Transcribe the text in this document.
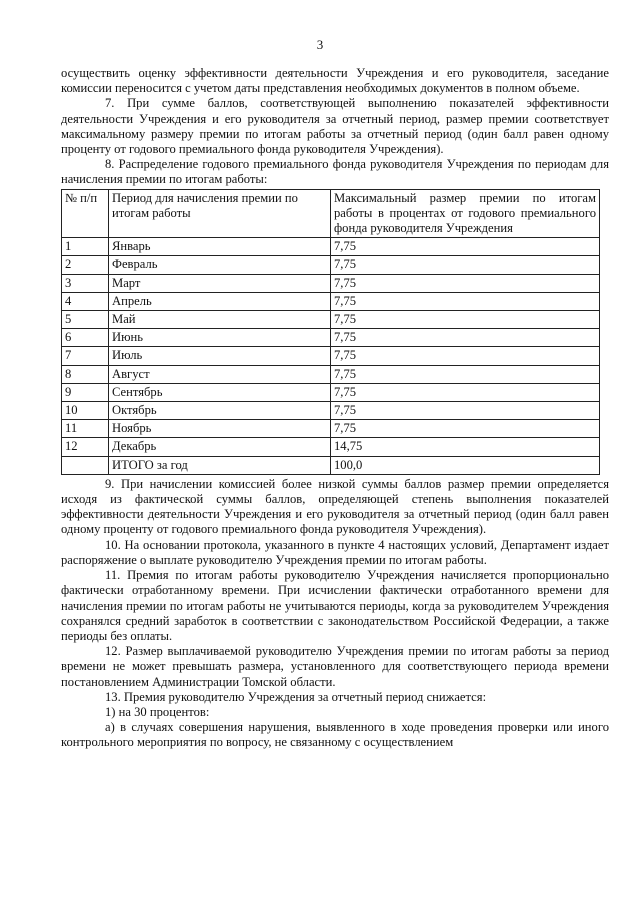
3

осуществить оценку эффективности деятельности Учреждения и его руководителя, заседание комиссии переносится с учетом даты представления необходимых документов в полном объеме.

7. При сумме баллов, соответствующей выполнению показателей эффективности деятельности Учреждения и его руководителя за отчетный период, размер премии соответствует максимальному размеру премии по итогам работы за отчетный период (один балл равен одному проценту от годового премиального фонда руководителя Учреждения).

8. Распределение годового премиального фонда руководителя Учреждения по периодам для начисления премии по итогам работы:

№ п/п	Период для начисления премии по итогам работы	Максимальный размер премии по итогам работы в процентах от годового премиального фонда руководителя Учреждения
1	Январь	7,75
2	Февраль	7,75
3	Март	7,75
4	Апрель	7,75
5	Май	7,75
6	Июнь	7,75
7	Июль	7,75
8	Август	7,75
9	Сентябрь	7,75
10	Октябрь	7,75
11	Ноябрь	7,75
12	Декабрь	14,75
	ИТОГО за год	100,0

9. При начислении комиссией более низкой суммы баллов размер премии определяется исходя из фактической суммы баллов, определяющей степень выполнения показателей эффективности деятельности Учреждения и его руководителя за отчетный период (один балл равен одному проценту от годового премиального фонда руководителя Учреждения).

10. На основании протокола, указанного в пункте 4 настоящих условий, Департамент издает распоряжение о выплате руководителю Учреждения премии по итогам работы.

11. Премия по итогам работы руководителю Учреждения начисляется пропорционально фактически отработанному времени. При исчислении фактически отработанного времени для начисления премии по итогам работы не учитываются периоды, когда за руководителем Учреждения сохранялся средний заработок в соответствии с законодательством Российской Федерации, а также периоды без оплаты.

12. Размер выплачиваемой руководителю Учреждения премии по итогам работы за период времени не может превышать размера, установленного для соответствующего периода времени постановлением Администрации Томской области.

13. Премия руководителю Учреждения за отчетный период снижается:

1) на 30 процентов:

а) в случаях совершения нарушения, выявленного в ходе проведения проверки или иного контрольного мероприятия по вопросу, не связанному с осуществлением
